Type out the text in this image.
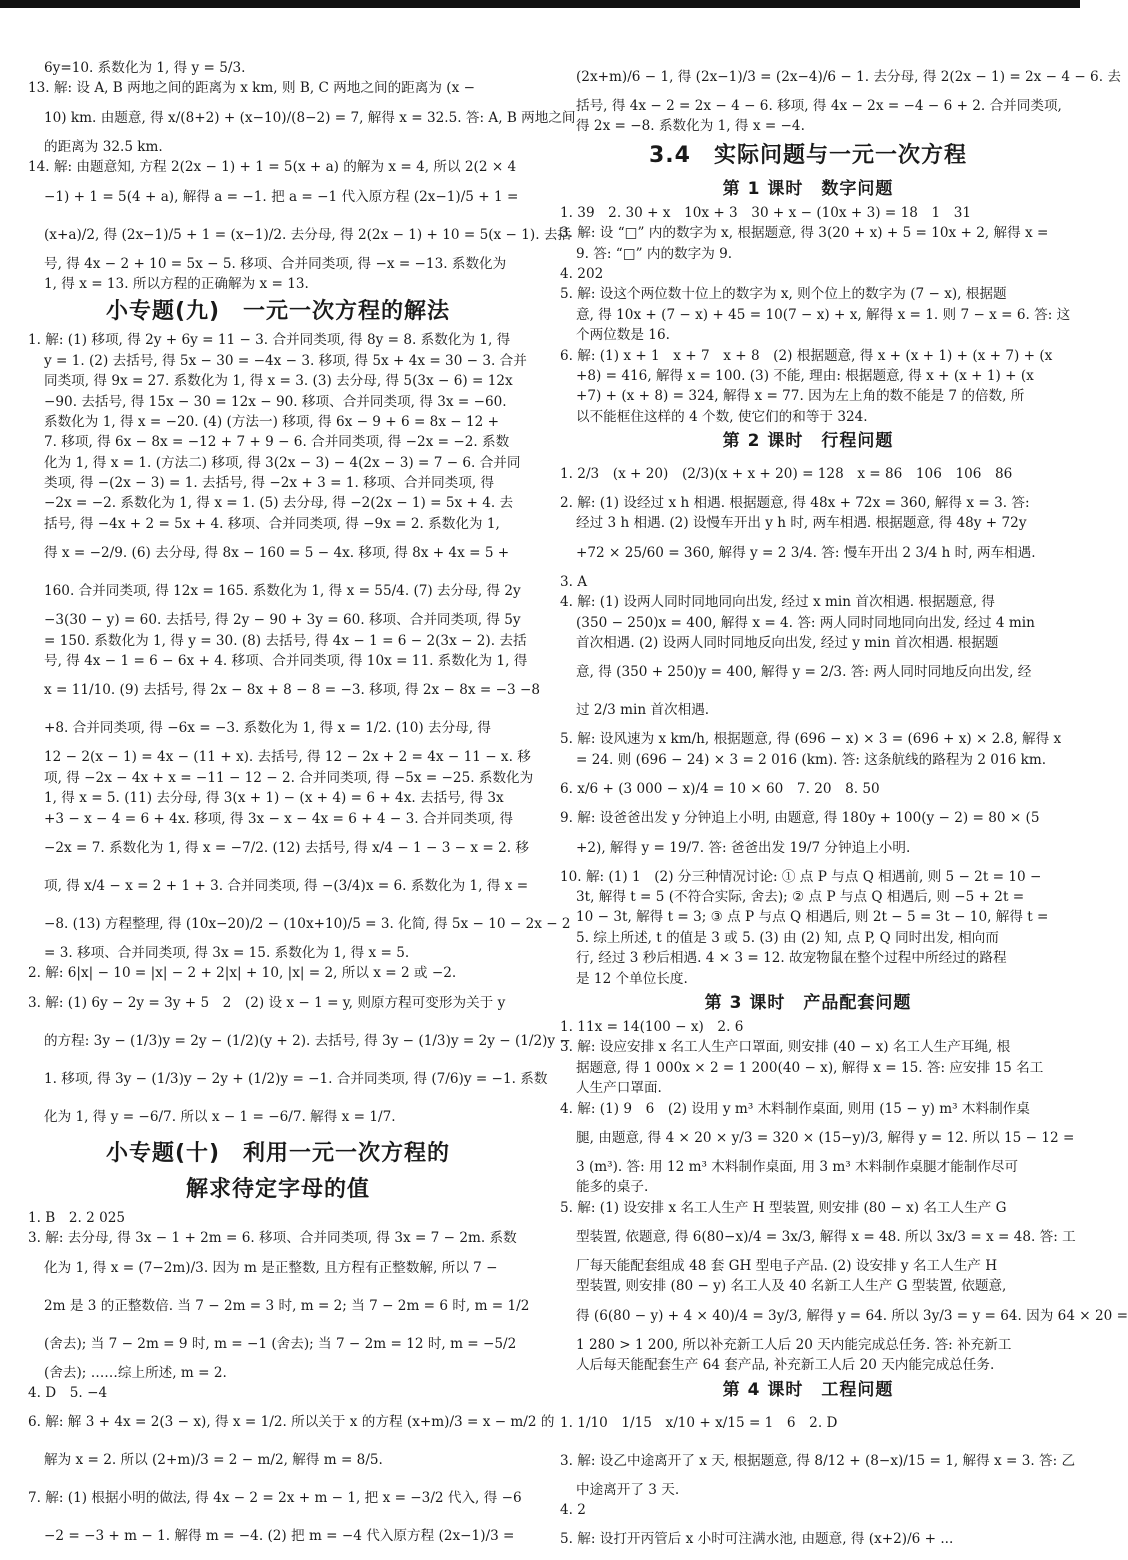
6y=10. 系数化为 1, 得 y = 5/3.
13. 解: 设 A, B 两地之间的距离为 x km, 则 B, C 两地之间的距离为 (x −
10) km. 由题意, 得 x/(8+2) + (x−10)/(8−2) = 7, 解得 x = 32.5. 答: A, B 两地之间
的距离为 32.5 km.
14. 解: 由题意知, 方程 2(2x − 1) + 1 = 5(x + a) 的解为 x = 4, 所以 2(2 × 4
−1) + 1 = 5(4 + a), 解得 a = −1. 把 a = −1 代入原方程 (2x−1)/5 + 1 =
(x+a)/2, 得 (2x−1)/5 + 1 = (x−1)/2. 去分母, 得 2(2x − 1) + 10 = 5(x − 1). 去括
号, 得 4x − 2 + 10 = 5x − 5. 移项、合并同类项, 得 −x = −13. 系数化为
1, 得 x = 13. 所以方程的正确解为 x = 13.
小专题(九)　一元一次方程的解法
1. 解: (1) 移项, 得 2y + 6y = 11 − 3. 合并同类项, 得 8y = 8. 系数化为 1, 得
y = 1. (2) 去括号, 得 5x − 30 = −4x − 3. 移项, 得 5x + 4x = 30 − 3. 合并
同类项, 得 9x = 27. 系数化为 1, 得 x = 3. (3) 去分母, 得 5(3x − 6) = 12x
−90. 去括号, 得 15x − 30 = 12x − 90. 移项、合并同类项, 得 3x = −60.
系数化为 1, 得 x = −20. (4) (方法一) 移项, 得 6x − 9 + 6 = 8x − 12 +
7. 移项, 得 6x − 8x = −12 + 7 + 9 − 6. 合并同类项, 得 −2x = −2. 系数
化为 1, 得 x = 1. (方法二) 移项, 得 3(2x − 3) − 4(2x − 3) = 7 − 6. 合并同
类项, 得 −(2x − 3) = 1. 去括号, 得 −2x + 3 = 1. 移项、合并同类项, 得
−2x = −2. 系数化为 1, 得 x = 1. (5) 去分母, 得 −2(2x − 1) = 5x + 4. 去
括号, 得 −4x + 2 = 5x + 4. 移项、合并同类项, 得 −9x = 2. 系数化为 1,
得 x = −2/9. (6) 去分母, 得 8x − 160 = 5 − 4x. 移项, 得 8x + 4x = 5 +
160. 合并同类项, 得 12x = 165. 系数化为 1, 得 x = 55/4. (7) 去分母, 得 2y
−3(30 − y) = 60. 去括号, 得 2y − 90 + 3y = 60. 移项、合并同类项, 得 5y
= 150. 系数化为 1, 得 y = 30. (8) 去括号, 得 4x − 1 = 6 − 2(3x − 2). 去括
号, 得 4x − 1 = 6 − 6x + 4. 移项、合并同类项, 得 10x = 11. 系数化为 1, 得
x = 11/10. (9) 去括号, 得 2x − 8x + 8 − 8 = −3. 移项, 得 2x − 8x = −3 −8
+8. 合并同类项, 得 −6x = −3. 系数化为 1, 得 x = 1/2. (10) 去分母, 得
12 − 2(x − 1) = 4x − (11 + x). 去括号, 得 12 − 2x + 2 = 4x − 11 − x. 移
项, 得 −2x − 4x + x = −11 − 12 − 2. 合并同类项, 得 −5x = −25. 系数化为
1, 得 x = 5. (11) 去分母, 得 3(x + 1) − (x + 4) = 6 + 4x. 去括号, 得 3x
+3 − x − 4 = 6 + 4x. 移项, 得 3x − x − 4x = 6 + 4 − 3. 合并同类项, 得
−2x = 7. 系数化为 1, 得 x = −7/2. (12) 去括号, 得 x/4 − 1 − 3 − x = 2. 移
项, 得 x/4 − x = 2 + 1 + 3. 合并同类项, 得 −(3/4)x = 6. 系数化为 1, 得 x =
−8. (13) 方程整理, 得 (10x−20)/2 − (10x+10)/5 = 3. 化简, 得 5x − 10 − 2x − 2
= 3. 移项、合并同类项, 得 3x = 15. 系数化为 1, 得 x = 5.
2. 解: 6|x| − 10 = |x| − 2 + 2|x| + 10, |x| = 2, 所以 x = 2 或 −2.
3. 解: (1) 6y − 2y = 3y + 5　2　(2) 设 x − 1 = y, 则原方程可变形为关于 y
的方程: 3y − (1/3)y = 2y − (1/2)(y + 2). 去括号, 得 3y − (1/3)y = 2y − (1/2)y −
1. 移项, 得 3y − (1/3)y − 2y + (1/2)y = −1. 合并同类项, 得 (7/6)y = −1. 系数
化为 1, 得 y = −6/7. 所以 x − 1 = −6/7. 解得 x = 1/7.
小专题(十)　利用一元一次方程的
解求待定字母的值
1. B　2. 2 025
3. 解: 去分母, 得 3x − 1 + 2m = 6. 移项、合并同类项, 得 3x = 7 − 2m. 系数
化为 1, 得 x = (7−2m)/3. 因为 m 是正整数, 且方程有正整数解, 所以 7 −
2m 是 3 的正整数倍. 当 7 − 2m = 3 时, m = 2; 当 7 − 2m = 6 时, m = 1/2
(舍去); 当 7 − 2m = 9 时, m = −1 (舍去); 当 7 − 2m = 12 时, m = −5/2
(舍去); ……综上所述, m = 2.
4. D　5. −4
6. 解: 解 3 + 4x = 2(3 − x), 得 x = 1/2. 所以关于 x 的方程 (x+m)/3 = x − m/2 的
解为 x = 2. 所以 (2+m)/3 = 2 − m/2, 解得 m = 8/5.
7. 解: (1) 根据小明的做法, 得 4x − 2 = 2x + m − 1, 把 x = −3/2 代入, 得 −6
−2 = −3 + m − 1. 解得 m = −4. (2) 把 m = −4 代入原方程 (2x−1)/3 =
(2x+m)/6 − 1, 得 (2x−1)/3 = (2x−4)/6 − 1. 去分母, 得 2(2x − 1) = 2x − 4 − 6. 去
括号, 得 4x − 2 = 2x − 4 − 6. 移项, 得 4x − 2x = −4 − 6 + 2. 合并同类项,
得 2x = −8. 系数化为 1, 得 x = −4.
3.4　实际问题与一元一次方程
第 1 课时　数字问题
1. 39　2. 30 + x　10x + 3　30 + x − (10x + 3) = 18　1　31
3. 解: 设 “□” 内的数字为 x, 根据题意, 得 3(20 + x) + 5 = 10x + 2, 解得 x =
9. 答: “□” 内的数字为 9.
4. 202
5. 解: 设这个两位数十位上的数字为 x, 则个位上的数字为 (7 − x), 根据题
意, 得 10x + (7 − x) + 45 = 10(7 − x) + x, 解得 x = 1. 则 7 − x = 6. 答: 这
个两位数是 16.
6. 解: (1) x + 1　x + 7　x + 8　(2) 根据题意, 得 x + (x + 1) + (x + 7) + (x
+8) = 416, 解得 x = 100. (3) 不能, 理由: 根据题意, 得 x + (x + 1) + (x
+7) + (x + 8) = 324, 解得 x = 77. 因为左上角的数不能是 7 的倍数, 所
以不能框住这样的 4 个数, 使它们的和等于 324.
第 2 课时　行程问题
1. 2/3　(x + 20)　(2/3)(x + x + 20) = 128　x = 86　106　106　86
2. 解: (1) 设经过 x h 相遇. 根据题意, 得 48x + 72x = 360, 解得 x = 3. 答:
经过 3 h 相遇. (2) 设慢车开出 y h 时, 两车相遇. 根据题意, 得 48y + 72y
+72 × 25/60 = 360, 解得 y = 2 3/4. 答: 慢车开出 2 3/4 h 时, 两车相遇.
3. A
4. 解: (1) 设两人同时同地同向出发, 经过 x min 首次相遇. 根据题意, 得
(350 − 250)x = 400, 解得 x = 4. 答: 两人同时同地同向出发, 经过 4 min
首次相遇. (2) 设两人同时同地反向出发, 经过 y min 首次相遇. 根据题
意, 得 (350 + 250)y = 400, 解得 y = 2/3. 答: 两人同时同地反向出发, 经
过 2/3 min 首次相遇.
5. 解: 设风速为 x km/h, 根据题意, 得 (696 − x) × 3 = (696 + x) × 2.8, 解得 x
= 24. 则 (696 − 24) × 3 = 2 016 (km). 答: 这条航线的路程为 2 016 km.
6. x/6 + (3 000 − x)/4 = 10 × 60　7. 20　8. 50
9. 解: 设爸爸出发 y 分钟追上小明, 由题意, 得 180y + 100(y − 2) = 80 × (5
+2), 解得 y = 19/7. 答: 爸爸出发 19/7 分钟追上小明.
10. 解: (1) 1　(2) 分三种情况讨论: ① 点 P 与点 Q 相遇前, 则 5 − 2t = 10 −
3t, 解得 t = 5 (不符合实际, 舍去); ② 点 P 与点 Q 相遇后, 则 −5 + 2t =
10 − 3t, 解得 t = 3; ③ 点 P 与点 Q 相遇后, 则 2t − 5 = 3t − 10, 解得 t =
5. 综上所述, t 的值是 3 或 5. (3) 由 (2) 知, 点 P, Q 同时出发, 相向而
行, 经过 3 秒后相遇. 4 × 3 = 12. 故宠物鼠在整个过程中所经过的路程
是 12 个单位长度.
第 3 课时　产品配套问题
1. 11x = 14(100 − x)　2. 6
3. 解: 设应安排 x 名工人生产口罩面, 则安排 (40 − x) 名工人生产耳绳, 根
据题意, 得 1 000x × 2 = 1 200(40 − x), 解得 x = 15. 答: 应安排 15 名工
人生产口罩面.
4. 解: (1) 9　6　(2) 设用 y m³ 木料制作桌面, 则用 (15 − y) m³ 木料制作桌
腿, 由题意, 得 4 × 20 × y/3 = 320 × (15−y)/3, 解得 y = 12. 所以 15 − 12 =
3 (m³). 答: 用 12 m³ 木料制作桌面, 用 3 m³ 木料制作桌腿才能制作尽可
能多的桌子.
5. 解: (1) 设安排 x 名工人生产 H 型装置, 则安排 (80 − x) 名工人生产 G
型装置, 依题意, 得 6(80−x)/4 = 3x/3, 解得 x = 48. 所以 3x/3 = x = 48. 答: 工
厂每天能配套组成 48 套 GH 型电子产品. (2) 设安排 y 名工人生产 H
型装置, 则安排 (80 − y) 名工人及 40 名新工人生产 G 型装置, 依题意,
得 (6(80 − y) + 4 × 40)/4 = 3y/3, 解得 y = 64. 所以 3y/3 = y = 64. 因为 64 × 20 =
1 280 > 1 200, 所以补充新工人后 20 天内能完成总任务. 答: 补充新工
人后每天能配套生产 64 套产品, 补充新工人后 20 天内能完成总任务.
第 4 课时　工程问题
1. 1/10　1/15　x/10 + x/15 = 1　6　2. D
3. 解: 设乙中途离开了 x 天, 根据题意, 得 8/12 + (8−x)/15 = 1, 解得 x = 3. 答: 乙
中途离开了 3 天.
4. 2
5. 解: 设打开丙管后 x 小时可注满水池, 由题意, 得 (x+2)/6 + ...
